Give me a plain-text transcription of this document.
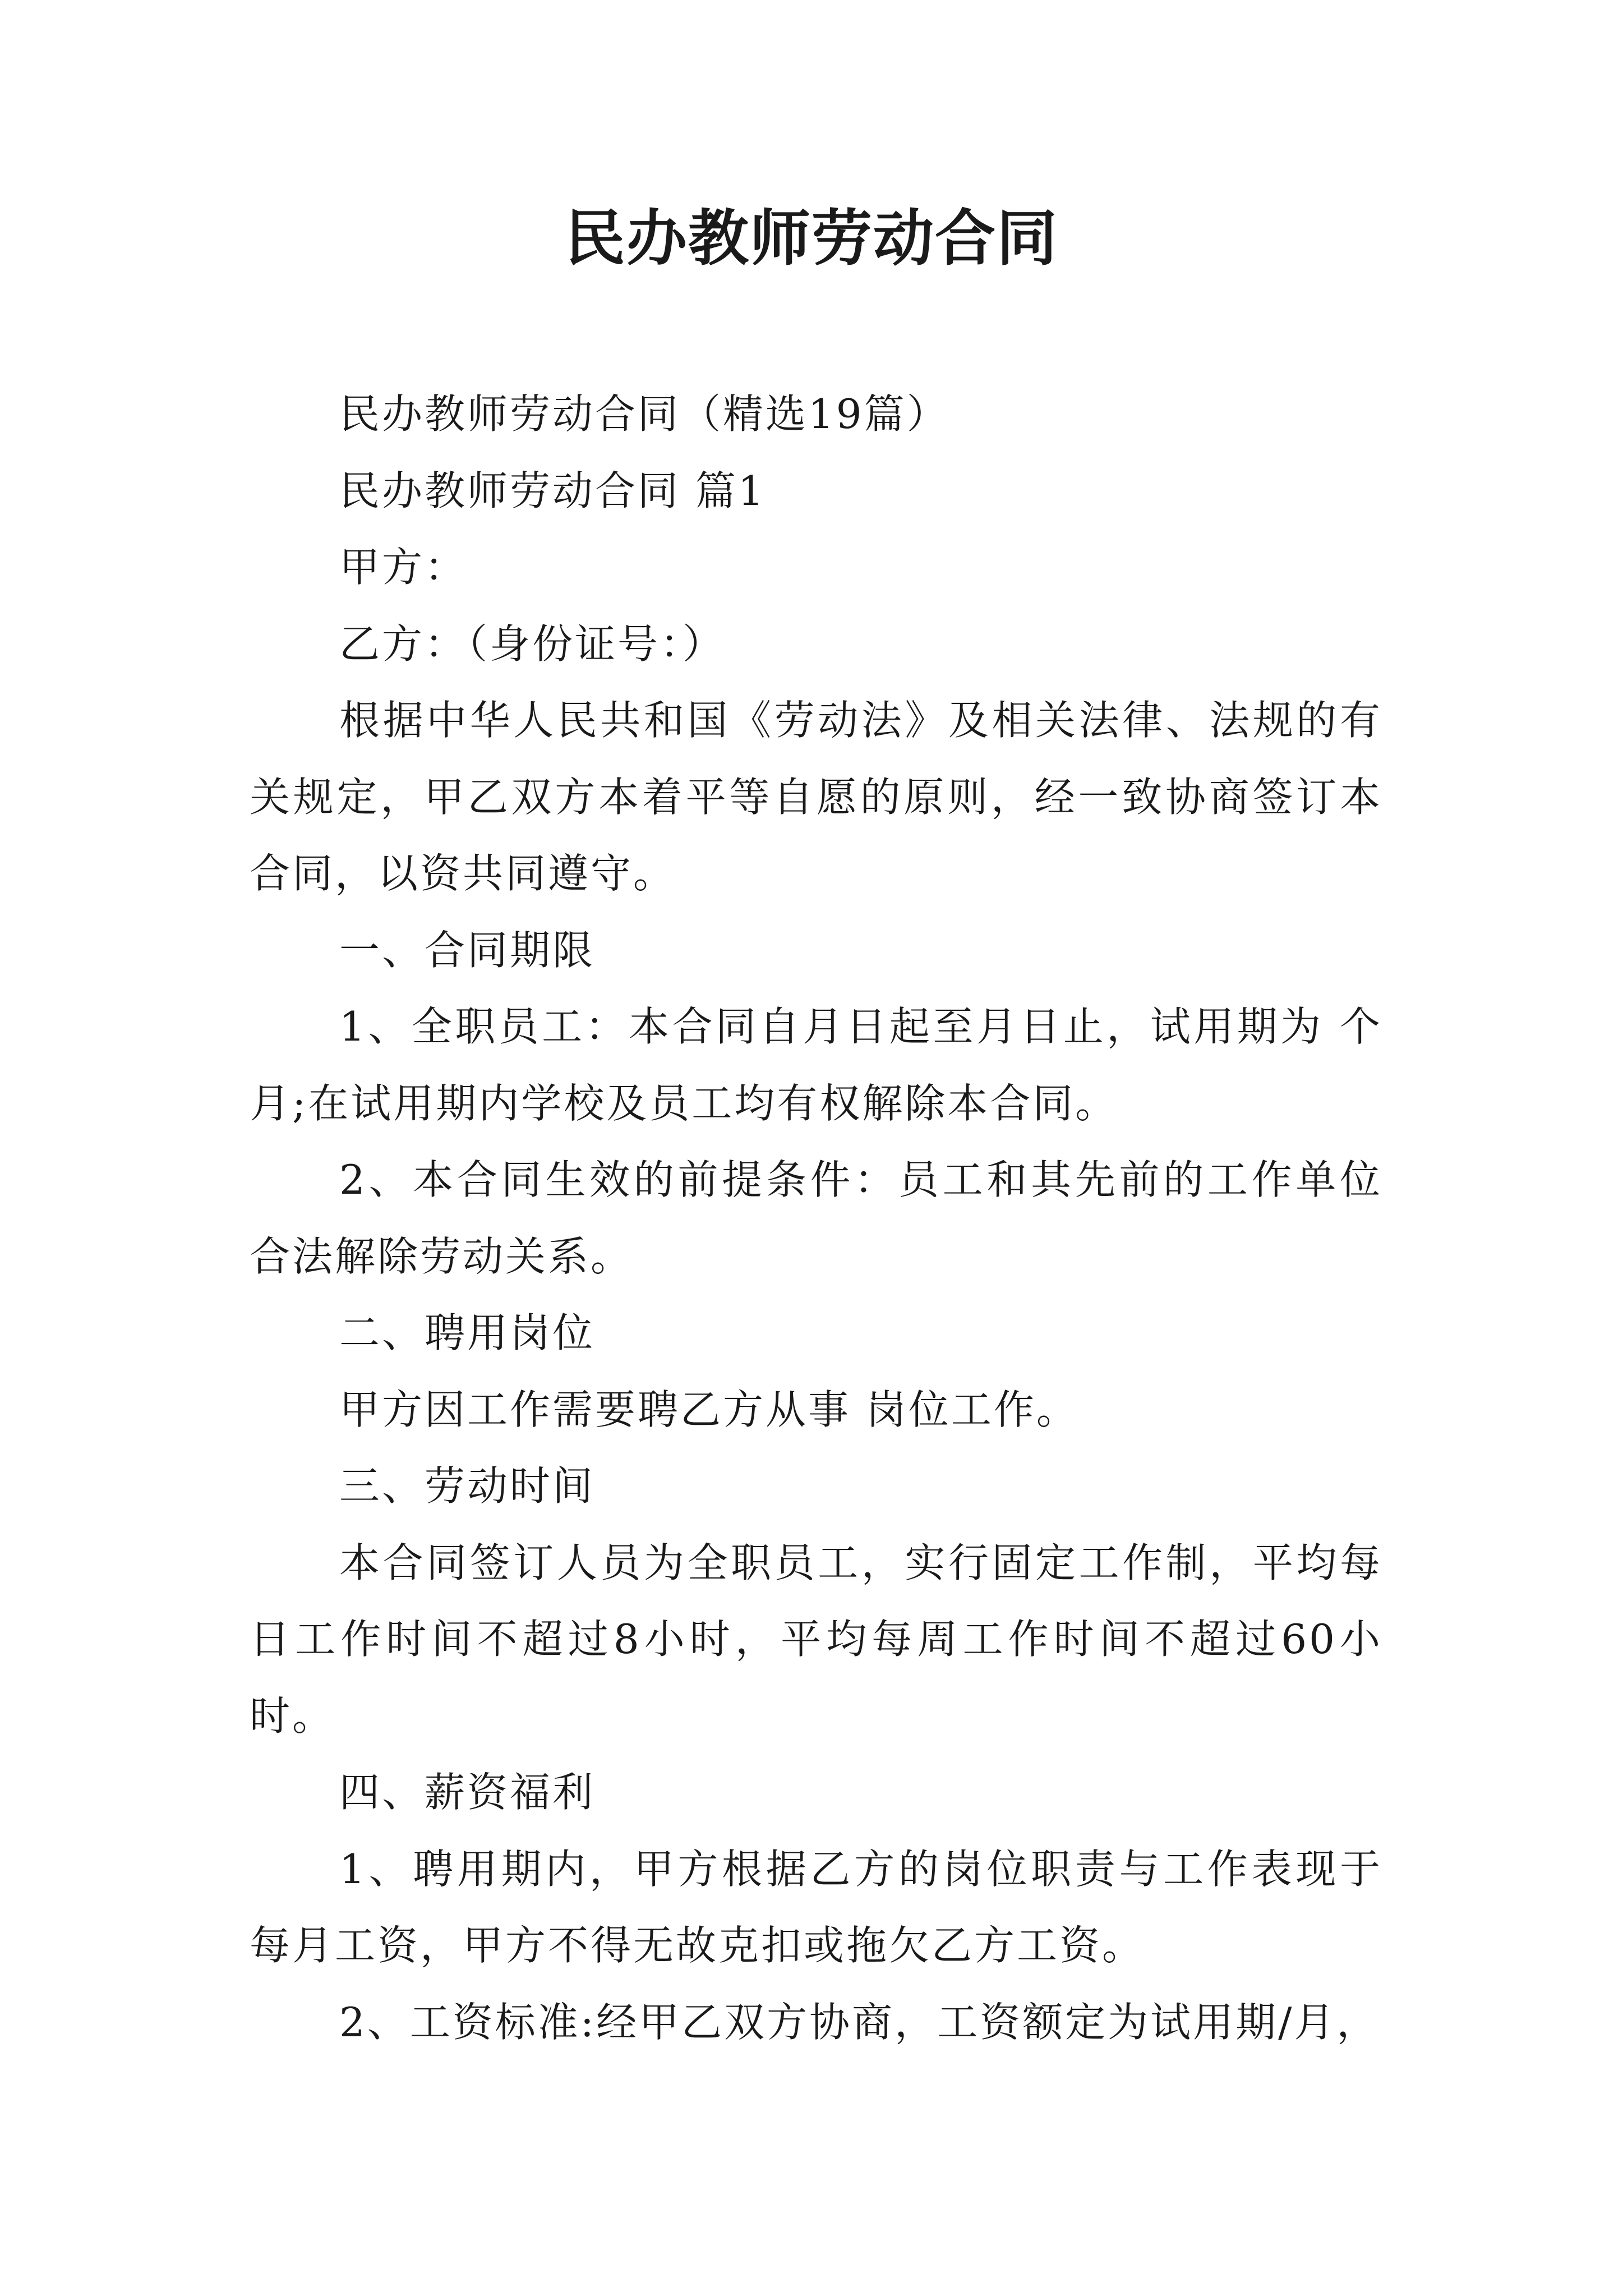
民办教师劳动合同

民办教师劳动合同（精选19篇）

民办教师劳动合同 篇1

甲方：

乙方：（身份证号：）

根据中华人民共和国《劳动法》及相关法律、法规的有关规定，甲乙双方本着平等自愿的原则，经一致协商签订本合同，以资共同遵守。

一、合同期限

1、全职员工：本合同自月日起至月日止，试用期为 个月;在试用期内学校及员工均有权解除本合同。

2、本合同生效的前提条件：员工和其先前的工作单位合法解除劳动关系。

二、聘用岗位

甲方因工作需要聘乙方从事 岗位工作。

三、劳动时间

本合同签订人员为全职员工，实行固定工作制，平均每日工作时间不超过8小时，平均每周工作时间不超过60小时。

四、薪资福利

1、聘用期内，甲方根据乙方的岗位职责与工作表现于每月工资，甲方不得无故克扣或拖欠乙方工资。

2、工资标准:经甲乙双方协商，工资额定为试用期/月，
